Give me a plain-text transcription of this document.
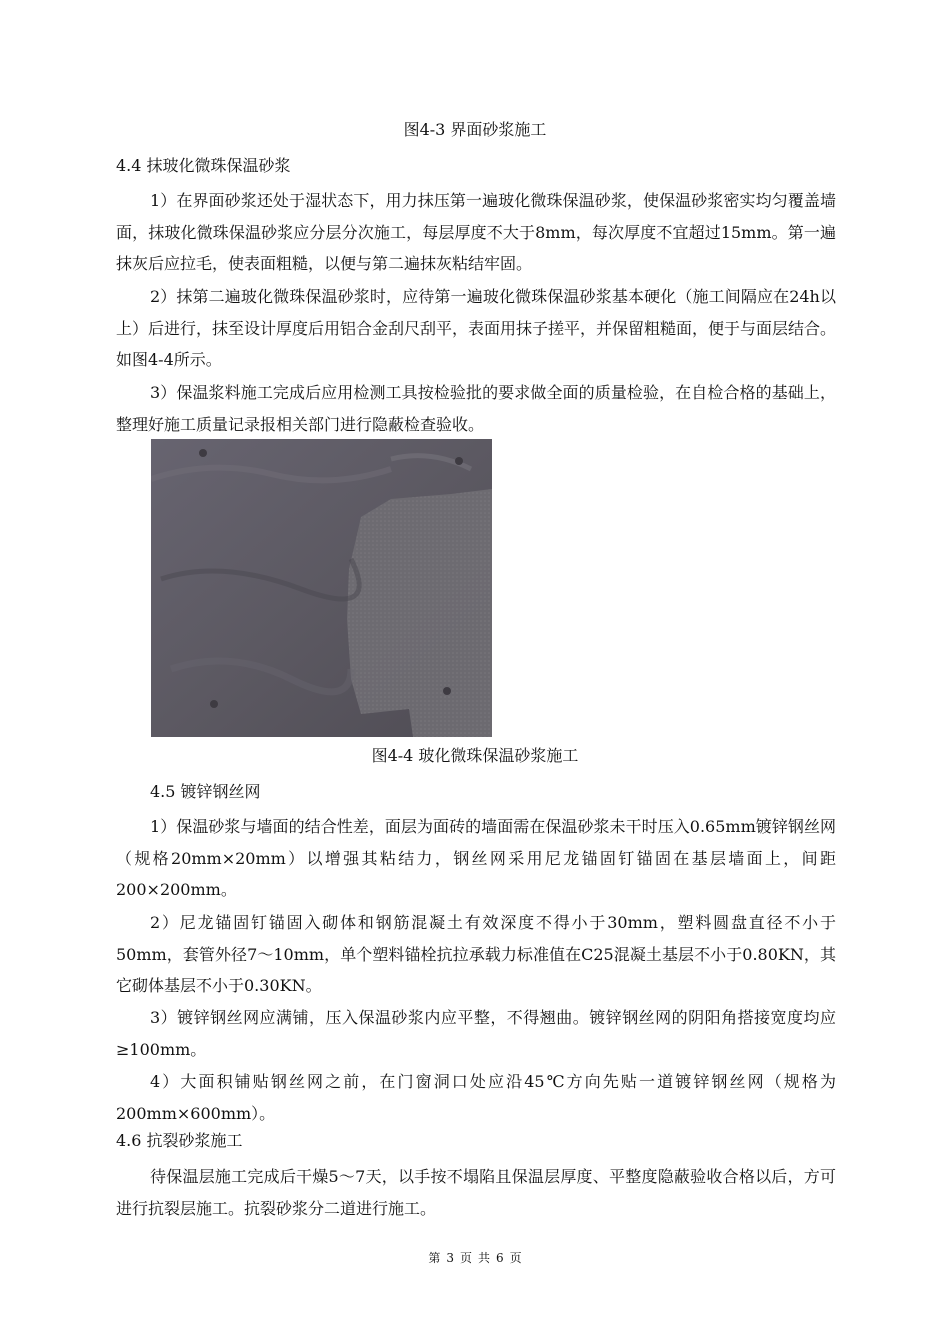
图4-3 界面砂浆施工
4.4 抹玻化微珠保温砂浆

1）在界面砂浆还处于湿状态下，用力抹压第一遍玻化微珠保温砂浆，使保温砂浆密实均匀覆盖墙面，抹玻化微珠保温砂浆应分层分次施工，每层厚度不大于8mm，每次厚度不宜超过15mm。第一遍抹灰后应拉毛，使表面粗糙，以便与第二遍抹灰粘结牢固。

2）抹第二遍玻化微珠保温砂浆时，应待第一遍玻化微珠保温砂浆基本硬化（施工间隔应在24h以上）后进行，抹至设计厚度后用铝合金刮尺刮平，表面用抹子搓平，并保留粗糙面，便于与面层结合。如图4-4所示。

3）保温浆料施工完成后应用检测工具按检验批的要求做全面的质量检验，在自检合格的基础上，整理好施工质量记录报相关部门进行隐蔽检查验收。

图4-4 玻化微珠保温砂浆施工
4.5 镀锌钢丝网

1）保温砂浆与墙面的结合性差，面层为面砖的墙面需在保温砂浆未干时压入0.65mm镀锌钢丝网（规格20mm×20mm）以增强其粘结力，钢丝网采用尼龙锚固钉锚固在基层墙面上，间距200×200mm。

2）尼龙锚固钉锚固入砌体和钢筋混凝土有效深度不得小于30mm，塑料圆盘直径不小于50mm，套管外径7～10mm，单个塑料锚栓抗拉承载力标准值在C25混凝土基层不小于0.80KN，其它砌体基层不小于0.30KN。

3）镀锌钢丝网应满铺，压入保温砂浆内应平整，不得翘曲。镀锌钢丝网的阴阳角搭接宽度均应≥100mm。

4）大面积铺贴钢丝网之前，在门窗洞口处应沿45℃方向先贴一道镀锌钢丝网（规格为200mm×600mm）。

4.6 抗裂砂浆施工

待保温层施工完成后干燥5～7天，以手按不塌陷且保温层厚度、平整度隐蔽验收合格以后，方可进行抗裂层施工。抗裂砂浆分二道进行施工。

第 3 页 共 6 页
